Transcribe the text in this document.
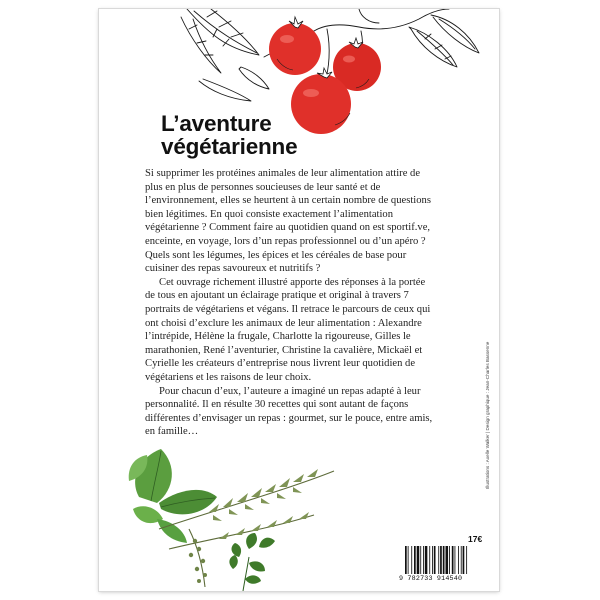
L’aventure
végétarienne

Si supprimer les protéines animales de leur alimentation attire de plus en plus de personnes soucieuses de leur santé et de l’environnement, elles se heurtent à un certain nombre de questions bien légitimes. En quoi consiste exactement l’alimentation végétarienne ? Comment faire au quotidien quand on est sportif.ve, enceinte, en voyage, lors d’un repas professionnel ou d’un apéro ? Quels sont les légumes, les épices et les céréales de base pour cuisiner des repas savoureux et nutritifs ?

Cet ouvrage richement illustré apporte des réponses à la portée de tous en ajoutant un éclairage pratique et original à travers 7 portraits de végétariens et végans. Il retrace le parcours de ceux qui ont choisi d’exclure les animaux de leur alimentation : Alexandre l’intrépide, Hélène la frugale, Charlotte la rigoureuse, Gilles le marathonien, René l’aventurier, Christine la cavalière, Mickaël et Cyrielle les créateurs d’entreprise nous livrent leur quotidien de végétariens et les raisons de leur choix.

Pour chacun d’eux, l’auteure a imaginé un repas adapté à leur personnalité. Il en résulte 30 recettes qui sont autant de façons différentes d’envisager un repas : gourmet, sur le pouce, entre amis, en famille…	Illustrations : Axelle Walker | Design graphique : Jean-Charles Bassenne
17€
9 782733 914540
